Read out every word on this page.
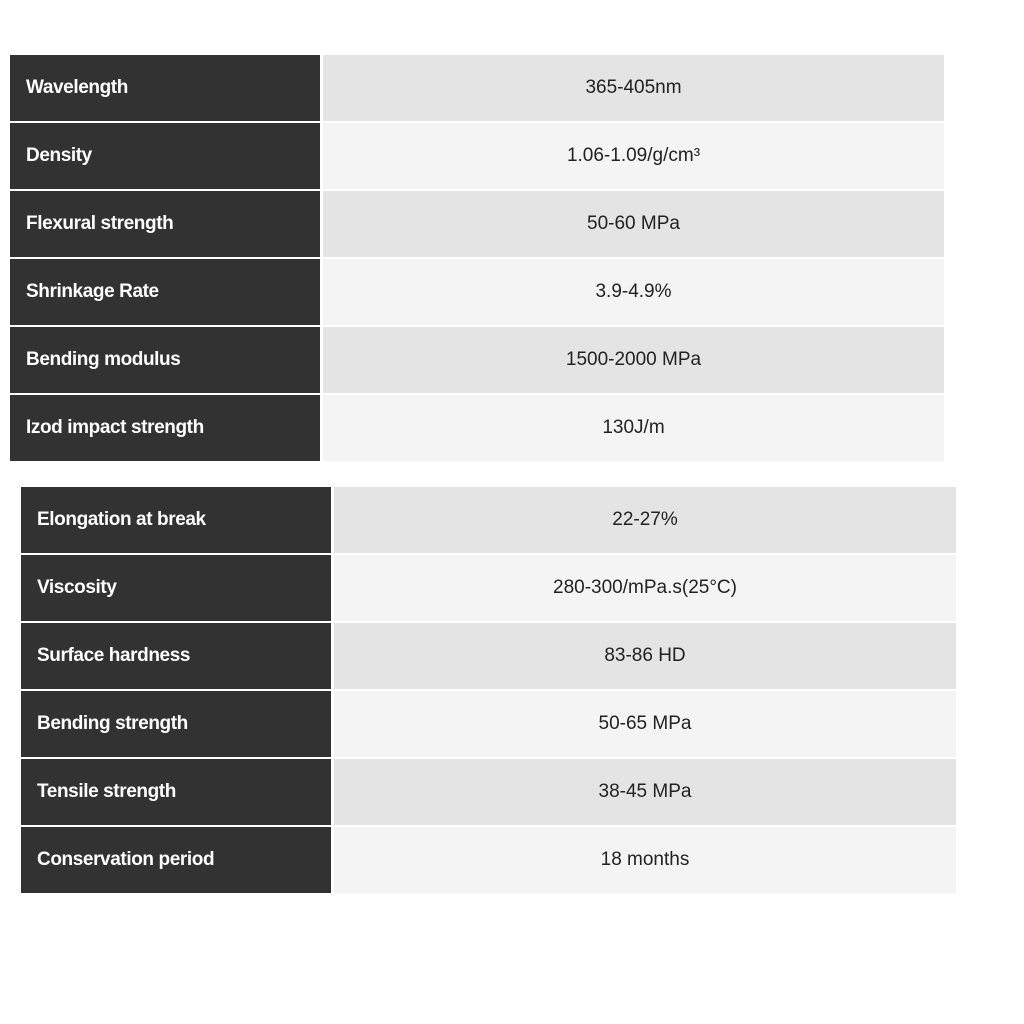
Wavelength	365-405nm
Density	1.06-1.09/g/cm³
Flexural strength	50-60 MPa
Shrinkage Rate	3.9-4.9%
Bending modulus	1500-2000 MPa
Izod impact strength	130J/m
Elongation at break	22-27%
Viscosity	280-300/mPa.s(25°C)
Surface hardness	83-86 HD
Bending strength	50-65 MPa
Tensile strength	38-45 MPa
Conservation period	18 months
